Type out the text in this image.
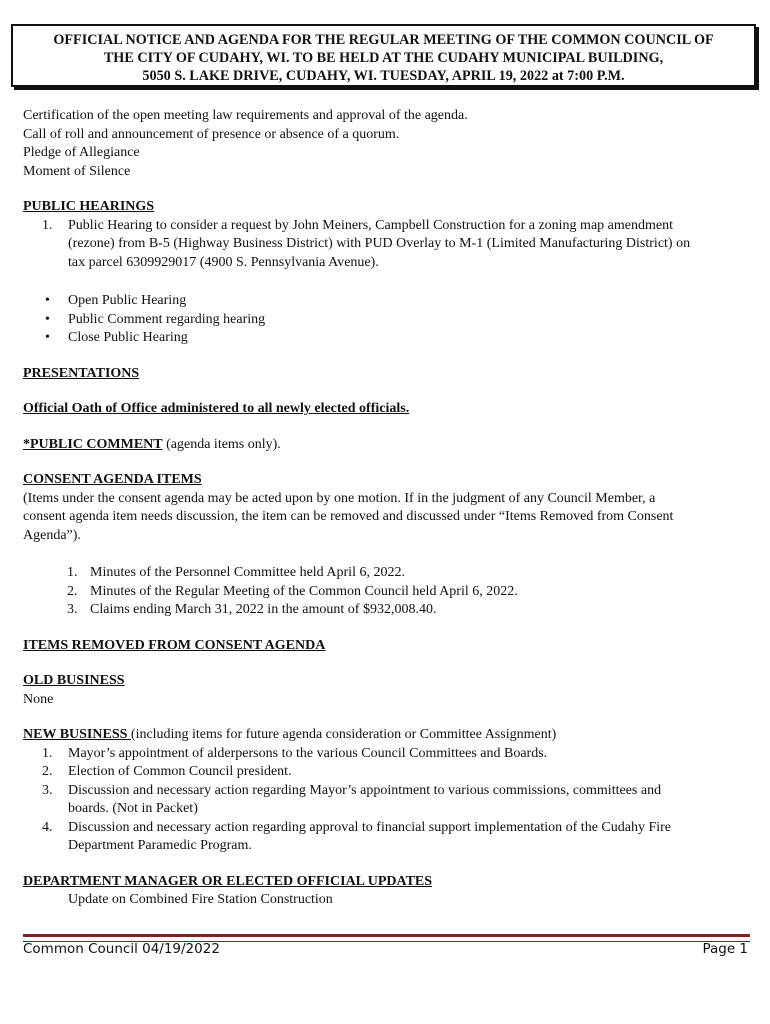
OFFICIAL NOTICE AND AGENDA FOR THE REGULAR MEETING OF THE COMMON COUNCIL OF
THE CITY OF CUDAHY, WI. TO BE HELD AT THE CUDAHY MUNICIPAL BUILDING,
5050 S. LAKE DRIVE, CUDAHY, WI. TUESDAY, APRIL 19, 2022 at 7:00 P.M.
Certification of the open meeting law requirements and approval of the agenda.
Call of roll and announcement of presence or absence of a quorum.
Pledge of Allegiance
Moment of Silence
PUBLIC HEARINGS
1. Public Hearing to consider a request by John Meiners, Campbell Construction for a zoning map amendment
(rezone) from B-5 (Highway Business District) with PUD Overlay to M-1 (Limited Manufacturing District) on
tax parcel 6309929017 (4900 S. Pennsylvania Avenue).
• Open Public Hearing
• Public Comment regarding hearing
• Close Public Hearing
PRESENTATIONS
Official Oath of Office administered to all newly elected officials.
*PUBLIC COMMENT (agenda items only).
CONSENT AGENDA ITEMS
(Items under the consent agenda may be acted upon by one motion. If in the judgment of any Council Member, a
consent agenda item needs discussion, the item can be removed and discussed under “Items Removed from Consent
Agenda”).
1. Minutes of the Personnel Committee held April 6, 2022.
2. Minutes of the Regular Meeting of the Common Council held April 6, 2022.
3. Claims ending March 31, 2022 in the amount of $932,008.40.
ITEMS REMOVED FROM CONSENT AGENDA
OLD BUSINESS
None
NEW BUSINESS (including items for future agenda consideration or Committee Assignment)
1. Mayor’s appointment of alderpersons to the various Council Committees and Boards.
2. Election of Common Council president.
3. Discussion and necessary action regarding Mayor’s appointment to various commissions, committees and
boards. (Not in Packet)
4. Discussion and necessary action regarding approval to financial support implementation of the Cudahy Fire
Department Paramedic Program.
DEPARTMENT MANAGER OR ELECTED OFFICIAL UPDATES
Update on Combined Fire Station Construction
Common Council 04/19/2022	Page 1
